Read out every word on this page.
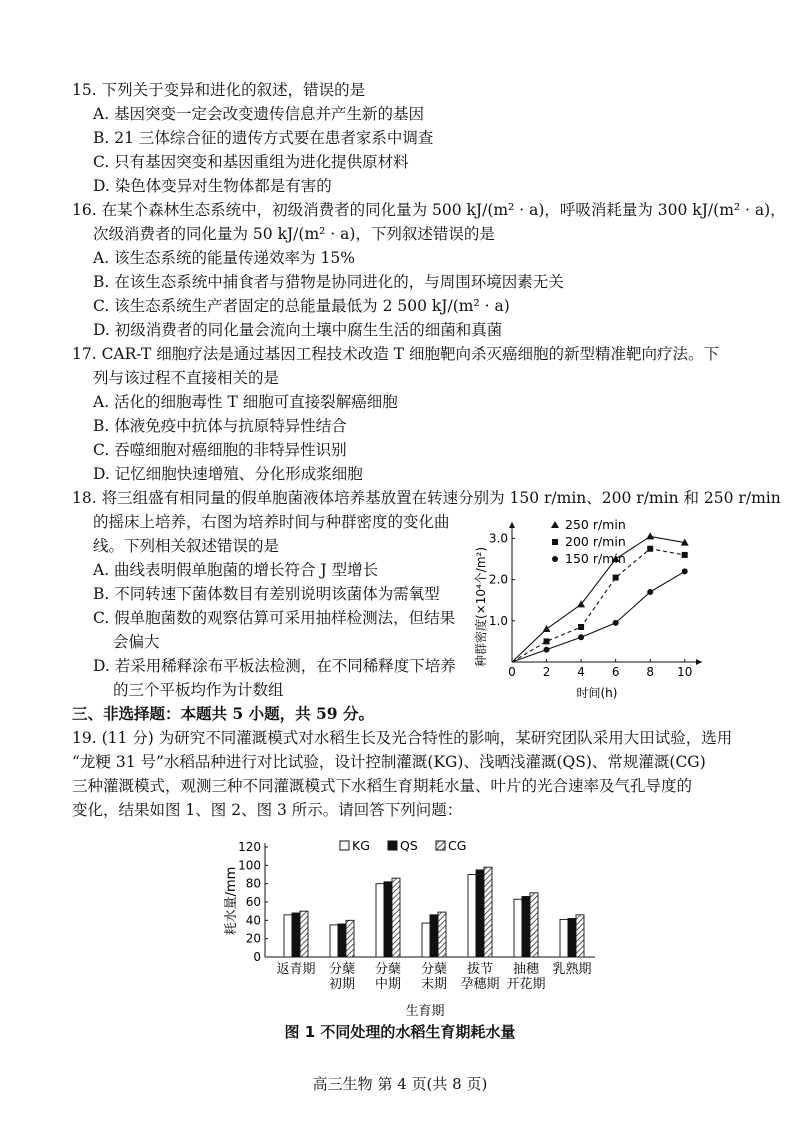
15. 下列关于变异和进化的叙述，错误的是
A. 基因突变一定会改变遗传信息并产生新的基因
B. 21 三体综合征的遗传方式要在患者家系中调查
C. 只有基因突变和基因重组为进化提供原材料
D. 染色体变异对生物体都是有害的
16. 在某个森林生态系统中，初级消费者的同化量为 500 kJ/(m² · a)，呼吸消耗量为 300 kJ/(m² · a)，
次级消费者的同化量为 50 kJ/(m² · a)，下列叙述错误的是
A. 该生态系统的能量传递效率为 15%
B. 在该生态系统中捕食者与猎物是协同进化的，与周围环境因素无关
C. 该生态系统生产者固定的总能量最低为 2 500 kJ/(m² · a)
D. 初级消费者的同化量会流向土壤中腐生生活的细菌和真菌
17. CAR-T 细胞疗法是通过基因工程技术改造 T 细胞靶向杀灭癌细胞的新型精准靶向疗法。下
列与该过程不直接相关的是
A. 活化的细胞毒性 T 细胞可直接裂解癌细胞
B. 体液免疫中抗体与抗原特异性结合
C. 吞噬细胞对癌细胞的非特异性识别
D. 记忆细胞快速增殖、分化形成浆细胞
18. 将三组盛有相同量的假单胞菌液体培养基放置在转速分别为 150 r/min、200 r/min 和 250 r/min
的摇床上培养，右图为培养时间与种群密度的变化曲
线。下列相关叙述错误的是
A. 曲线表明假单胞菌的增长符合 J 型增长
B. 不同转速下菌体数目有差别说明该菌体为需氧型
C. 假单胞菌数的观察估算可采用抽样检测法，但结果
会偏大
D. 若采用稀释涂布平板法检测，在不同稀释度下培养
的三个平板均作为计数组
0 2 4 6 8 10
1.0
2.0
3.0
250 r/min
200 r/min
150 r/min
种群密度(×10⁴个/m²)
时间(h)
三、非选择题：本题共 5 小题，共 59 分。
19. (11 分) 为研究不同灌溉模式对水稻生长及光合特性的影响，某研究团队采用大田试验，选用
“龙粳 31 号”水稻品种进行对比试验，设计控制灌溉(KG)、浅晒浅灌溉(QS)、常规灌溉(CG)
三种灌溉模式，观测三种不同灌溉模式下水稻生育期耗水量、叶片的光合速率及气孔导度的
变化，结果如图 1、图 2、图 3 所示。请回答下列问题：
0
20
40
60
80
100
120
返青期 分蘖
初期
分蘖
中期
分蘖
末期
拔节
孕穗期
抽穗
开花期
乳熟期
KG QS CG
耗水量/mm
生育期
图 1 不同处理的水稻生育期耗水量
高三生物 第 4 页(共 8 页)
